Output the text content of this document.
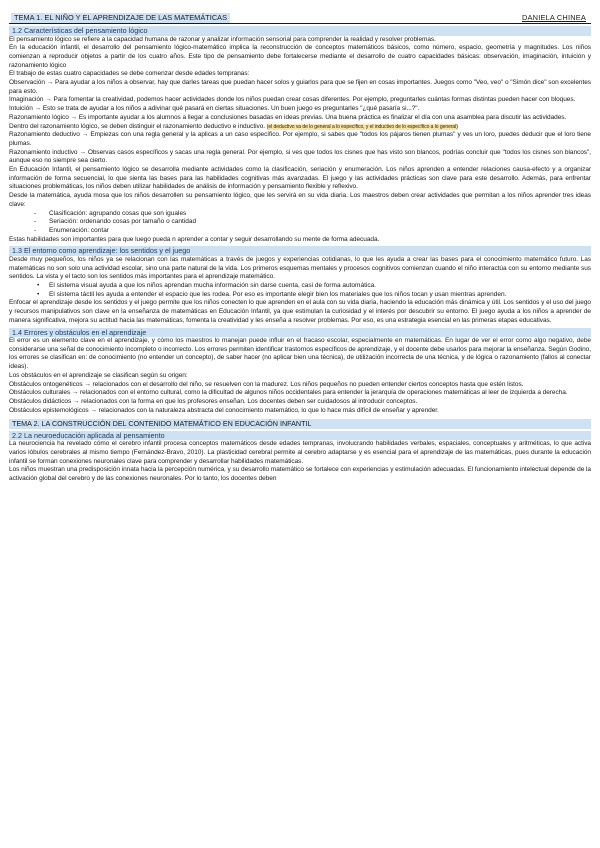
TEMA 1. EL NIÑO Y EL APRENDIZAJE DE LAS MATEMÁTICAS	DANIELA CHINEA
1.2 Características del pensamiento lógico

El pensamiento lógico se refiere a la capacidad humana de razonar y analizar información sensorial para comprender la realidad y resolver problemas.

En la educación infantil, el desarrollo del pensamiento lógico-matemático implica la reconstrucción de conceptos matemáticos básicos, como número, espacio, geometría y magnitudes. Los niños comienzan a reproducir objetos a partir de los cuatro años. Este tipo de pensamiento debe fortalecerse mediante el desarrollo de cuatro capacidades básicas: observación, imaginación, intuición y razonamiento lógico

El trabajo de estas cuatro capacidades se debe comenzar desde edades tempranas:

Observación → Para ayudar a los niños a observar, hay que darles tareas que puedan hacer solos y guiarlos para que se fijen en cosas importantes. Juegos como "Veo, veo" o "Simón dice" son excelentes para esto.

Imaginación → Para fomentar la creatividad, podemos hacer actividades donde los niños puedan crear cosas diferentes. Por ejemplo, preguntarles cuántas formas distintas pueden hacer con bloques.

Intuición → Esto se trata de ayudar a los niños a adivinar qué pasará en ciertas situaciones. Un buen juego es preguntarles "¿qué pasaría si...?".

Razonamiento lógico → Es importante ayudar a los alumnos a llegar a conclusiones basadas en ideas previas. Una buena práctica es finalizar el día con una asamblea para discutir las actividades.

Dentro del razonamiento lógico, se deben distinguir el razonamiento deductivo e inductivo. (el deductivo va de lo general a lo específico, y el inductivo de lo específico a lo general)

Razonamiento deductivo → Empiezas con una regla general y la aplicas a un caso específico. Por ejemplo, si sabes que "todos los pájaros tienen plumas" y ves un loro, puedes deducir que el loro tiene plumas.

Razonamiento inductivo → Observas casos específicos y sacas una regla general. Por ejemplo, si ves que todos los cisnes que has visto son blancos, podrías concluir que "todos los cisnes son blancos", aunque eso no siempre sea cierto.

En Educación Infantil, el pensamiento lógico se desarrolla mediante actividades como la clasificación, seriación y enumeración. Los niños aprenden a entender relaciones causa-efecto y a organizar información de forma secuencial, lo que sienta las bases para las habilidades cognitivas más avanzadas. El juego y las actividades prácticas son clave para este desarrollo. Además, para enfrentar situaciones problemáticas, los niños deben utilizar habilidades de análisis de información y pensamiento flexible y reflexivo.

Desde la matemática, ayuda mosa que los niños desarrollen su pensamiento lógico, que les servirá en su vida diaria. Los maestros deben crear actividades que permitan a los niños aprender tres ideas clave:

- Clasificación: agrupando cosas que son iguales
- Seriación: ordenando cosas por tamaño o cantidad
- Enumeración: contar

Estas habilidades son importantes para que luego pueda n aprender a contar y seguir desarrollando su mente de forma adecuada.

1.3 El entorno como aprendizaje: los sentidos y el juego

Desde muy pequeños, los niños ya se relacionan con las matemáticas a través de juegos y experiencias cotidianas, lo que les ayuda a crear las bases para el conocimiento matemático futuro. Las matemáticas no son solo una actividad escolar, sino una parte natural de la vida. Los primeros esquemas mentales y procesos cognitivos comienzan cuando el niño interactúa con su entorno mediante sus sentidos. La vista y el tacto son los sentidos más importantes para el aprendizaje matemático.

• El sistema visual ayuda a que los niños aprendan mucha información sin darse cuenta, casi de forma automática.
• El sistema táctil les ayuda a entender el espacio que les rodea. Por eso es importante elegir bien los materiales que los niños tocan y usan mientras aprenden.

Enfocar el aprendizaje desde los sentidos y el juego permite que los niños conecten lo que aprenden en el aula con su vida diaria, haciendo la educación más dinámica y útil. Los sentidos y el uso del juego y recursos manipulativos son clave en la enseñanza de matemáticas en Educación Infantil, ya que estimulan la curiosidad y el interés por descubrir su entorno. El juego ayuda a los niños a aprender de manera significativa, mejora su actitud hacia las matemáticas, fomenta la creatividad y les enseña a resolver problemas. Por eso, es una estrategia esencial en las primeras etapas educativas.

1.4 Errores y obstáculos en el aprendizaje

El error es un elemento clave en el aprendizaje, y cómo los maestros lo manejan puede influir en el fracaso escolar, especialmente en matemáticas. En lugar de ver el error como algo negativo, debe considerarse una señal de conocimiento incompleto o incorrecto. Los errores permiten identificar trastornos específicos de aprendizaje, y el docente debe usarlos para mejorar la enseñanza. Según Godino, los errores se clasifican en: de conocimiento (no entender un concepto), de saber hacer (no aplicar bien una técnica), de utilización incorrecta de una técnica, y de lógica o razonamiento (fallos al conectar ideas).

Los obstáculos en el aprendizaje se clasifican según su origen:

Obstáculos ontogenéticos → relacionados con el desarrollo del niño, se resuelven con la madurez. Los niños pequeños no pueden entender ciertos conceptos hasta que estén listos.

Obstáculos culturales → relacionados con el entorno cultural, como la dificultad de algunos niños occidentales para entender la jerarquía de operaciones matemáticas al leer de izquierda a derecha.

Obstáculos didácticos → relacionados con la forma en que los profesores enseñan. Los docentes deben ser cuidadosos al introducir conceptos.

Obstáculos epistemológicos → relacionados con la naturaleza abstracta del conocimiento matemático, lo que lo hace más difícil de enseñar y aprender.

TEMA 2. LA CONSTRUCCIÓN DEL CONTENIDO MATEMÁTICO EN EDUCACIÓN INFANTIL
2.2 La neuroeducación aplicada al pensamiento

La neurociencia ha revelado cómo el cerebro infantil procesa conceptos matemáticos desde edades tempranas, involucrando habilidades verbales, espaciales, conceptuales y aritméticas, lo que activa varios lóbulos cerebrales al mismo tiempo (Fernández-Bravo, 2010). La plasticidad cerebral permite al cerebro adaptarse y es esencial para el aprendizaje de las matemáticas, pues durante la educación infantil se forman conexiones neuronales clave para comprender y desarrollar habilidades matemáticas.

Los niños muestran una predisposición innata hacia la percepción numérica, y su desarrollo matemático se fortalece con experiencias y estimulación adecuadas. El funcionamiento intelectual depende de la activación global del cerebro y de las conexiones neuronales. Por lo tanto, los docentes deben
